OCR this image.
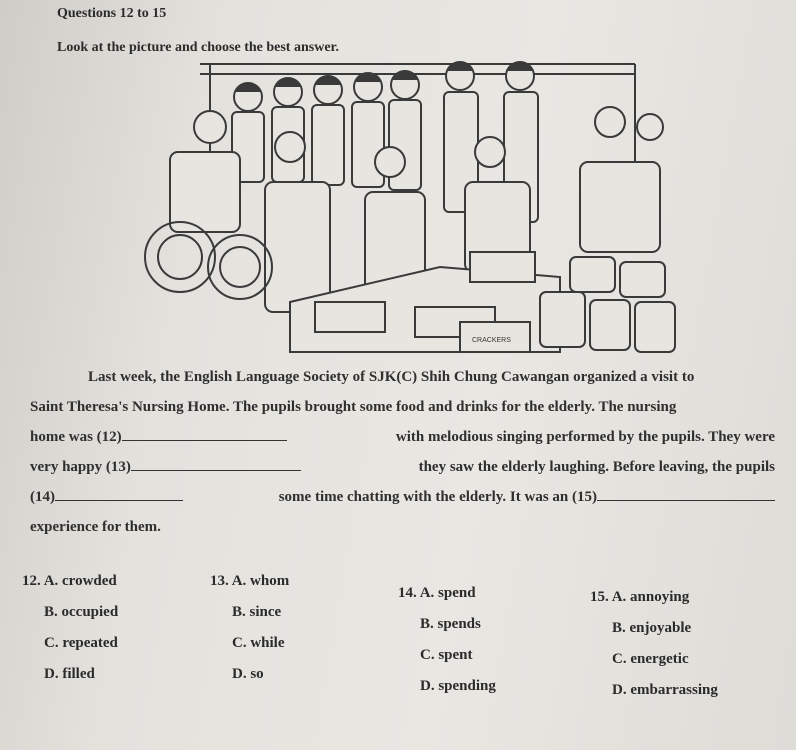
Questions 12 to 15
Look at the picture and choose the best answer.
CRACKERS
Last week, the English Language Society of SJK(C) Shih Chung Cawangan organized a visit to
Saint Theresa's Nursing Home. The pupils brought some food and drinks for the elderly. The nursing
home was (12)	with melodious singing performed by the pupils. They were
very happy (13)	they saw the elderly laughing. Before leaving, the pupils
(14)	some time chatting with the elderly. It was an (15)
experience for them.
12. A. crowded
B. occupied
C. repeated
D. filled
13. A. whom
B. since
C. while
D. so
14. A. spend
B. spends
C. spent
D. spending
15. A. annoying
B. enjoyable
C. energetic
D. embarrassing
